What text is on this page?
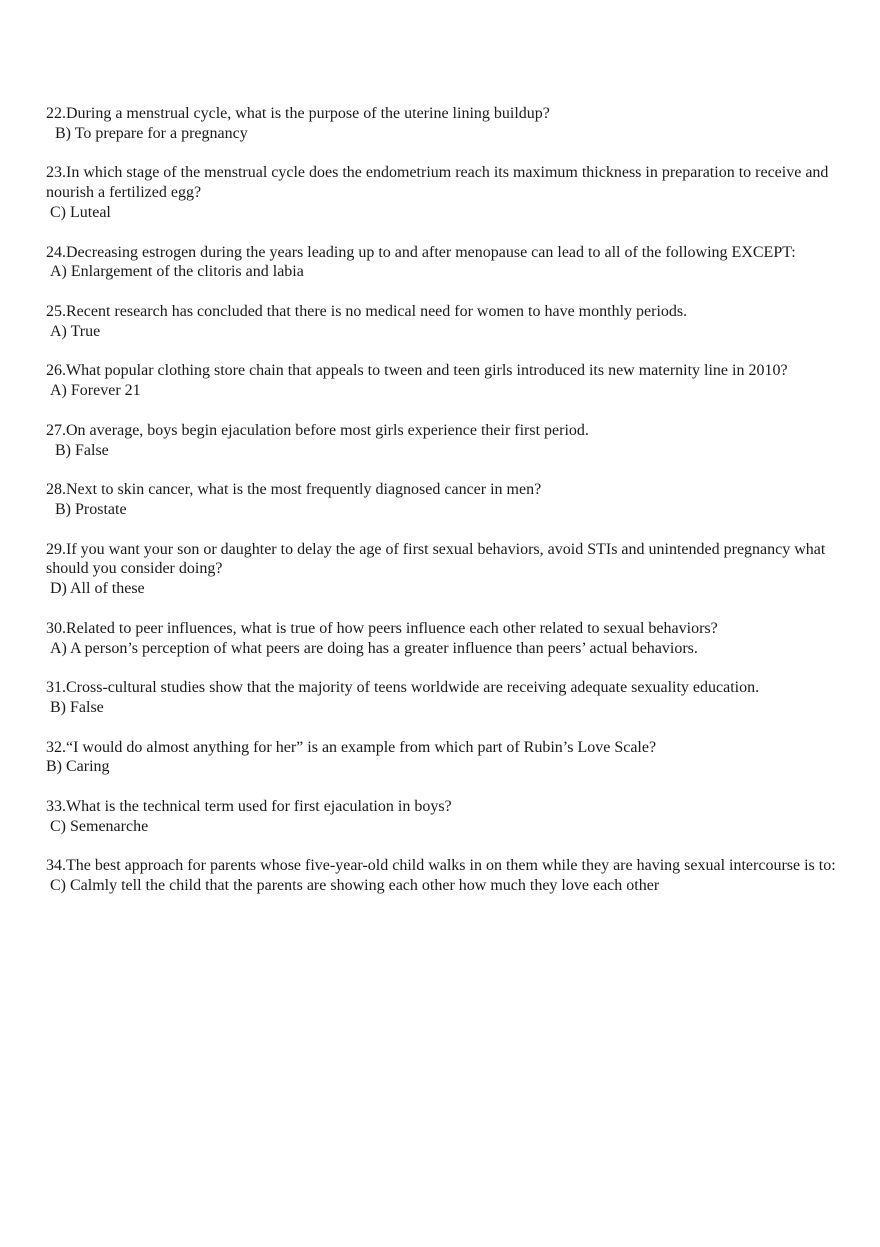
22.During a menstrual cycle, what is the purpose of the uterine lining buildup?

B) To prepare for a pregnancy

23.In which stage of the menstrual cycle does the endometrium reach its maximum thickness in preparation to receive and nourish a fertilized egg?

C) Luteal

24.Decreasing estrogen during the years leading up to and after menopause can lead to all of the following EXCEPT:

A) Enlargement of the clitoris and labia

25.Recent research has concluded that there is no medical need for women to have monthly periods.

A) True

26.What popular clothing store chain that appeals to tween and teen girls introduced its new maternity line in 2010?

A) Forever 21

27.On average, boys begin ejaculation before most girls experience their first period.

B) False

28.Next to skin cancer, what is the most frequently diagnosed cancer in men?

B) Prostate

29.If you want your son or daughter to delay the age of first sexual behaviors, avoid STIs and unintended pregnancy what should you consider doing?

D) All of these

30.Related to peer influences, what is true of how peers influence each other related to sexual behaviors?

A) A person’s perception of what peers are doing has a greater influence than peers’ actual behaviors.

31.Cross-cultural studies show that the majority of teens worldwide are receiving adequate sexuality education.

B) False

32.“I would do almost anything for her” is an example from which part of Rubin’s Love Scale?

B) Caring

33.What is the technical term used for first ejaculation in boys?

C) Semenarche

34.The best approach for parents whose five-year-old child walks in on them while they are having sexual intercourse is to:

C) Calmly tell the child that the parents are showing each other how much they love each other
